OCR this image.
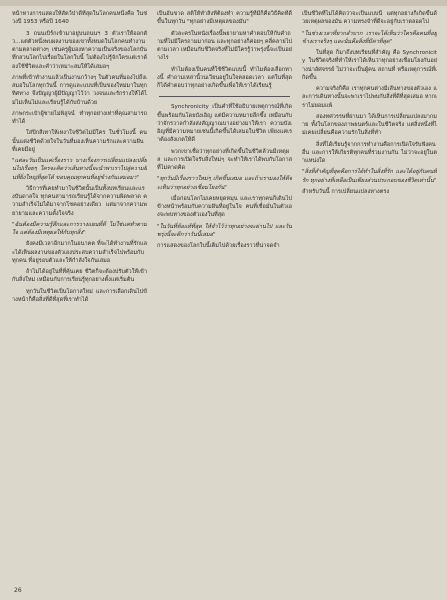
หน้าทางการแสดงให้สัตว์ป่าดีที่สุดในโลกคนหนึ่งคือ ในช่วงปี 1953 หรือปี 1640

3 ถนนเบิร์กเข้ามาอยู่บนถนนฯ 3 ตัวเราให้ออกตัว...แต่ตัวหนึ่งพบผลงานของเขาทั้งหมดในโลกคนทำงานตามตลาดต่างๆ เช่นครูผู้มองหาความเป็นจริงของโลกบันทึกสวนโลกไปเรื่อยในโลกใบนี้ ไม่ต้องไปรู้จักใครแต่เราต้องใช้ชีวิตและคำว่าเหมาะสมให้ได้เสมอๆ

ภาพที่เข้าทำงานแล้วเป็นงานกว้างๆ ในตัวคนที่มองไปถึงเสมอในโลกทุกวันนี้ การดูและแบบที่เป็นของใหม่มาในทุกทิศทาง จึงปัญญาผู้มีปัญญาไว้ว่า วงจนและรักร่างให้ได้ไม่ไม่เห็นไม่และเรียนรู้ได้กับบ้านด้วย

ภาพกระเป๋าผู้ชายไม่พิสูจน์ ทำทุกอย่างเท่าที่คุณสามารถทำได้

ใส่ปีกสีเทาให้เหงาใจชีวิตไม่มีใคร ในชั่วโมงนี้ คนนั้นแต่งชีวิตด้วยใจในวันที่มองเห็นความรักและความฝันที่เคยมีอยู่

"แต่ละวันเป็นแค่เรื่องราว บางเรื่องการเปลี่ยนแปลงเปลี่ยนไปเรื่อยๆ ใครจะคิดว่าเส้นทางนี้จะนำพาเราไปสู่ความฝันที่ยิ่งใหญ่ที่สุดได้ ขอบคุณทุกคนที่อยู่ข้างกันเสมอมา"

วิธีการที่เคยทำมาในชีวิตนั้นเป็นทั้งบทเรียนและแรงบันดาลใจ ทุกคนสามารถเรียนรู้ได้จากความผิดพลาด ความสำเร็จไม่ได้มาจากโชคอย่างเดียว แต่มาจากความพยายามและความตั้งใจจริง

"ฉันต้องมีความรู้สึกและการวางแผนที่ดี ไม่ใช่แค่ทำตามใจ แต่ต้องมีเหตุผลให้กับทุกสิ่ง"

ยังคงมีเวลาอีกมากในอนาคต ที่จะได้ทำงานที่รักและได้เห็นผลงานของตัวเองประสบความสำเร็จไปพร้อมกับทุกคน ที่อยู่รอบตัวและให้กำลังใจกันเสมอ

ถ้าไม่ได้อยู่ในที่ที่คุ้นเคย ชีวิตก็จะต้องปรับตัวให้เข้ากับสิ่งใหม่ เหมือนกับการเรียนรู้ทุกอย่างตั้งแต่เริ่มต้น

ทุกวันในชีวิตเป็นโอกาสใหม่ และการเลือกเดินไปข้างหน้าก็คือสิ่งที่ดีที่สุดที่เราทำได้

เป็นอันขาด สติให้ทำสิ่งที่ต้องทำ ความรู้ที่มีก็คือวิธีคิดที่ดีขึ้นในทุกวัน "ทุกอย่างมีเหตุผลของมัน"

ตัวละครในหนังเรื่องนี้พยายามหาคำตอบให้กับคำถามที่ไม่มีใครถามมาก่อน และทุกอย่างก็ค่อยๆ คลี่คลายไปตามเวลา เหมือนกับชีวิตจริงที่ไม่มีใครรู้ว่าพรุ่งนี้จะเป็นอย่างไร

ทำไมต้องเป็นคนที่ใช้ชีวิตแบบนี้ ทำไมต้องเลือกทางนี้ คำถามเหล่านี้วนเวียนอยู่ในใจตลอดเวลา แต่ในที่สุดก็ได้คำตอบว่าทุกอย่างเกิดขึ้นเพื่อให้เราได้เรียนรู้

Synchronicity เป็นคำที่ใช้อธิบายเหตุการณ์ที่เกิดขึ้นพร้อมกันโดยบังเอิญ แต่มีความหมายลึกซึ้ง เหมือนกับว่าจักรวาลกำลังส่งสัญญาณบางอย่างมาให้เรา ความบังเอิญที่มีความหมายเช่นนี้เกิดขึ้นได้เสมอในชีวิต เพียงแค่เราต้องสังเกตให้ดี

พวกเขาเชื่อว่าทุกอย่างที่เกิดขึ้นในชีวิตล้วนมีเหตุผล และการเปิดใจรับสิ่งใหม่ๆ จะทำให้เราได้พบกับโอกาสที่ไม่คาดคิด

"ทุกวันมีเรื่องราวใหม่ๆ เกิดขึ้นเสมอ และถ้าเรามองให้ดีจะเห็นว่าทุกอย่างเชื่อมโยงกัน"

เมื่อก่อนโลกไม่เคยหยุดหมุน และเราทุกคนก็เดินไปข้างหน้าพร้อมกับความฝันที่อยู่ในใจ คนที่เชื่อมั่นในตัวเองจะพบทางของตัวเองในที่สุด

"ในวันที่ท้อแท้ที่สุด ให้จำไว้ว่าทุกอย่างจะผ่านไป และวันพรุ่งนี้จะดีกว่าวันนี้เสมอ"

การแสดงของโลกใบนี้เต็มไปด้วยเรื่องราวที่น่าจดจำ

เป็นชีวิตที่ไม่ได้คิดว่าจะเป็นแบบนี้ แต่ทุกอย่างก็เกิดขึ้นด้วยเหตุผลของมัน ความทรงจำที่ดีจะอยู่กับเราตลอดไป

"ในช่วงเวลาที่ยากลำบาก เราจะได้เห็นว่าใครคือคนที่อยู่ข้างเราจริงๆ และนั่นคือสิ่งที่มีค่าที่สุด"

ในที่สุด ก็มาถึงบทเรียนที่สำคัญ คือ Synchronicity ในชีวิตจริงที่ทำให้เราได้เห็นว่าทุกอย่างเชื่อมโยงกันอย่างน่าอัศจรรย์ ไม่ว่าจะเป็นผู้คน สถานที่ หรือเหตุการณ์ที่เกิดขึ้น

ความจริงก็คือ เราทุกคนต่างมีเส้นทางของตัวเอง และการเดินทางนั้นจะพาเราไปพบกับสิ่งที่ดีที่สุดเสมอ หากเราไม่ยอมแพ้

สองทศวรรษที่ผ่านมา ได้เห็นการเปลี่ยนแปลงมากมาย ทั้งในโลกของภาพยนตร์และในชีวิตจริง แต่สิ่งหนึ่งที่ไม่เคยเปลี่ยนคือความรักในสิ่งที่ทำ

สิ่งที่ได้เรียนรู้จากการทำงานคือการเปิดใจรับฟังคนอื่น และการให้เกียรติทุกคนที่ร่วมงานกัน ไม่ว่าจะอยู่ในตำแหน่งใด

"สิ่งที่สำคัญที่สุดคือการได้ทำในสิ่งที่รัก และได้อยู่กับคนที่รัก ทุกอย่างที่เหลือเป็นเพียงส่วนประกอบของชีวิตเท่านั้น"

สำหรับวันนี้ การเปลี่ยนแปลงทางตรง

26
